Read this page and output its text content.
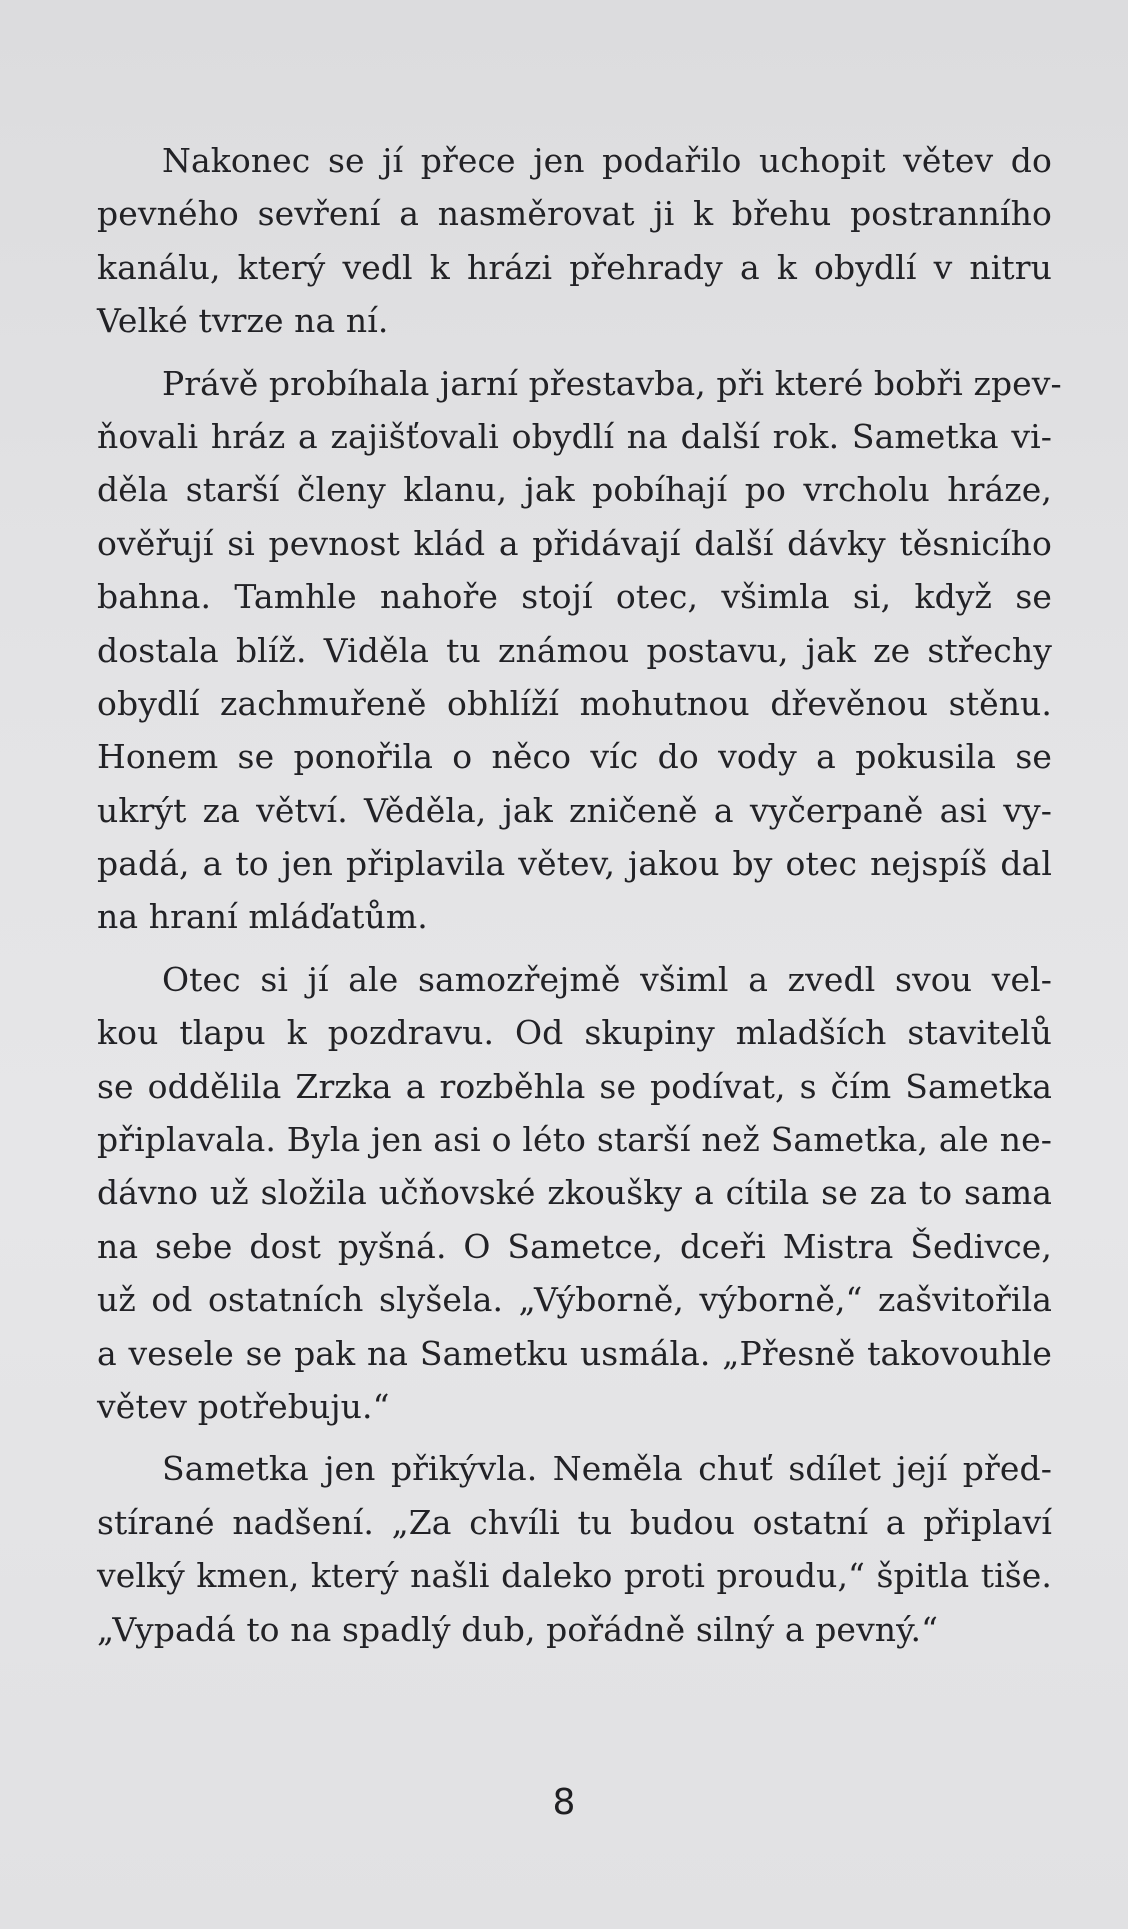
Nakonec se jí přece jen podařilo uchopit větev do
pevného sevření a nasměrovat ji k břehu postranního
kanálu, který vedl k hrázi přehrady a k obydlí v nitru
Velké tvrze na ní.
Právě probíhala jarní přestavba, při které bobři zpev-
ňovali hráz a zajišťovali obydlí na další rok. Sametka vi-
děla starší členy klanu, jak pobíhají po vrcholu hráze,
ověřují si pevnost klád a přidávají další dávky těsnicího
bahna. Tamhle nahoře stojí otec, všimla si, když se
dostala blíž. Viděla tu známou postavu, jak ze střechy
obydlí zachmuřeně obhlíží mohutnou dřevěnou stěnu.
Honem se ponořila o něco víc do vody a pokusila se
ukrýt za větví. Věděla, jak zničeně a vyčerpaně asi vy-
padá, a to jen připlavila větev, jakou by otec nejspíš dal
na hraní mláďatům.
Otec si jí ale samozřejmě všiml a zvedl svou vel-
kou tlapu k pozdravu. Od skupiny mladších stavitelů
se oddělila Zrzka a rozběhla se podívat, s čím Sametka
připlavala. Byla jen asi o léto starší než Sametka, ale ne-
dávno už složila učňovské zkoušky a cítila se za to sama
na sebe dost pyšná. O Sametce, dceři Mistra Šedivce,
už od ostatních slyšela. „Výborně, výborně,“ zašvitořila
a vesele se pak na Sametku usmála. „Přesně takovouhle
větev potřebuju.“
Sametka jen přikývla. Neměla chuť sdílet její před-
stírané nadšení. „Za chvíli tu budou ostatní a připlaví
velký kmen, který našli daleko proti proudu,“ špitla tiše.
„Vypadá to na spadlý dub, pořádně silný a pevný.“
8
